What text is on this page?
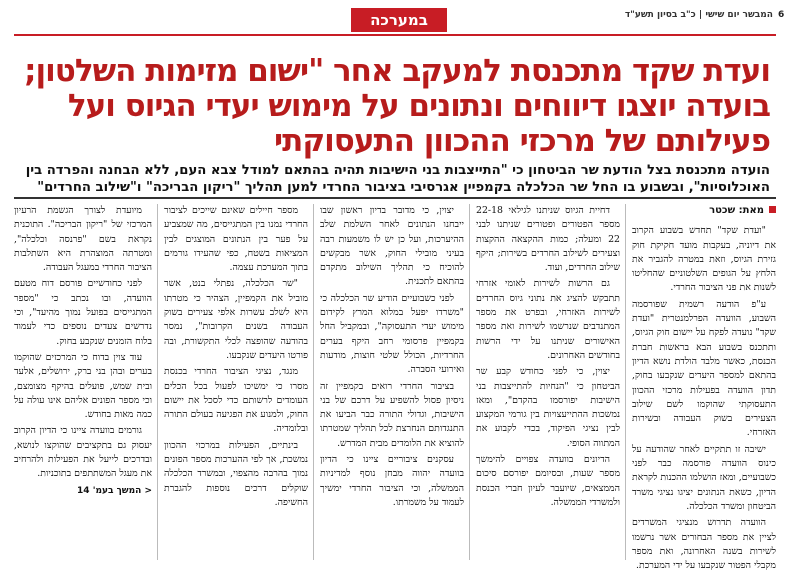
6
המבשר יום שישי | כ"ב בסיון תשע"ד
במערכה
ועדת שקד מתכנסת למעקב אחר "ישום מזימות השלטון; בועדה יוצגו דיווחים ונתונים על מימוש יעדי הגיוס ועל פעילותם של מרכזי ההכוון התעסוקתי
הועדה מתכנסת בצל הודעת שר הביטחון כי "התייצבות בני הישיבות תהיה בהתאם למודל צבא העם, ללא הבחנה והפרדה בין האוכלוסיות", ובשבוע בו החל שר הכלכלה בקמפיין אגרסיבי בציבור החרדי למען תהליך "ריקון הבריכה" ו"שילוב החרדים"
מאת: שכטר

"ועדת שקד" תחדש בשבוע הקרוב את דיוניה, בעקבות מועד חקיקת חוק גזירת הגיוס, וזאת במטרה להגביר את הלחץ על הגופים השלטוניים שהחליטו לשנות את פני הציבור החרדי.

ע"פ הודעה רשמית שפורסמה השבוע, הוועדה הפרלמנטרית "ועדת שקד" נועדה לפקח על יישום חוק הגיוס, ותתכנס בשבוע הבא בראשות חברת הכנסת, כאשר מלבד הולדת נושא הדיון בהתאם למספר היעדים שנקבעו בחוק, תדון הוועדה בפעילות מרכזי ההכוון התעסוקתי שהוקמו לשם שילוב הצעירים בשוק העבודה ובשירות האזרחי.

ישיבה זו תתקיים לאחר שהודעה על כינוס הוועדה פורסמה כבר לפני כשבועיים, ומאז הושלמו ההכנות לקראת הדיון, כשאת הנתונים יציגו נציגי משרד הביטחון ומשרד הכלכלה.

הוועדה תדרוש מנציגי המשרדים לציין את מספר הבחורים אשר נרשמו לשירות בשנה האחרונה, ואת מספר מקבלי הפטור שנקבעו על ידי המערכת.

דחיית הגיוס שניתנו לגילאי 22-18 מספר הפטורים ופטורים שניתנו לבני 22 ומעלה; כמות ההקצאה ההקצות וצעירים לשילוב החרדים בשירות; היקף שילוב החרדים, ועוד.

גם הרשות לשירות לאומי אזרחי תתבקש להציג את נתוני גיוס החרדים לשירות האזרחי, ובפרט את מספר המתנדבים שנרשמו לשירות ואת מספר האישורים שניתנו על ידי הרשות בחודשים האחרונים.

יצוין, כי לפני כחודש קבע שר הביטחון כי "הנחיות להתייצבות בני הישיבות יפורסמו בהקדם", ומאז נמשכות ההתייעצויות בין גורמי המקצוע לבין נציגי הפיקוד, בכדי לקבוע את המתווה הסופי.

הדיונים בוועדה צפויים להימשך מספר שעות, ובסיומם יפורסם סיכום הממצאים, שיועבר לעיון חברי הכנסת ולמשרדי הממשלה.

יצוין, כי מדובר בדיון ראשון שבו ייבחנו הנתונים לאחר השלמת שלב ההיערכות, ועל כן יש לו משמעות רבה בעיני מובילי החוק, אשר מבקשים להוכיח כי תהליך השילוב מתקדם בהתאם לתכנית.

לפני כשבועיים הודיע שר הכלכלה כי "משרדו יפעל במלוא המרץ לקידום מימוש יעדי התעסוקה", ובמקביל החל בקמפיין פרסומי רחב היקף בערים החרדיות, הכולל שלטי חוצות, מודעות ואירועי הסברה.

בציבור החרדי רואים בקמפיין זה ניסיון פסול להשפיע על דרכם של בני הישיבות, וגדולי התורה כבר הביעו את התנגדותם הנחרצת לכל תהליך שמטרתו להוציא את הלומדים מבית המדרש.

עסקנים ציבוריים ציינו כי הדיון בוועדה יהווה מבחן נוסף למדיניות הממשלה, וכי הציבור החרדי ימשיך לעמוד על משמרתו.

מספר חיילים שאינם שייכים לציבור החרדי נמנו בין המתגייסים, מה שמצביע על פער בין הנתונים המוצגים לבין המציאות בשטח, כפי שהעידו גורמים בתוך המערכת עצמה.

"שר הכלכלה, נפתלי בנט, אשר מוביל את הקמפיין, הצהיר כי מטרתו היא לשלב עשרות אלפי צעירים בשוק העבודה בשנים הקרובות", נמסר בהודעה שהופצה לכלי התקשורת, ובה פורטו היעדים שנקבעו.

מנגד, נציגי הציבור החרדי בכנסת מסרו כי ימשיכו לפעול בכל הכלים העומדים לרשותם כדי לסכל את יישום החוק, ולמנוע את הפגיעה בעולם התורה ובלומדיה.

בינתיים, הפעילות במרכזי ההכוון נמשכת, אך לפי ההערכות מספר הפונים נמוך בהרבה מהצפוי, ובמשרד הכלכלה שוקלים דרכים נוספות להגברת החשיפה.

מיועדת לצורך הגשמת הרעיון המרכזי של "ריקון הבריכה". התוכנית נקראת בשם "פרנסה וכלכלה", ומטרתה המוצהרת היא השתלבות הציבור החרדי במעגל העבודה.

לפני כחודשיים פורסם דוח מטעם הוועדה, ובו נכתב כי "מספר המתגייסים בפועל נמוך מהיעד", וכי נדרשים צעדים נוספים כדי לעמוד בלוח הזמנים שנקבע בחוק.

עוד צוין בדוח כי המרכזים שהוקמו בערים ובהן בני ברק, ירושלים, אלעד ובית שמש, פועלים בהיקף מצומצם, וכי מספר הפונים אליהם אינו עולה על כמה מאות בחודש.

גורמים בוועדה ציינו כי הדיון הקרוב יעסוק גם בתקציבים שהוקצו לנושא, ובדרכים לייעל את הפעילות ולהרחיב את מעגל המשתתפים בתוכניות.

< המשך בעמ' 14
